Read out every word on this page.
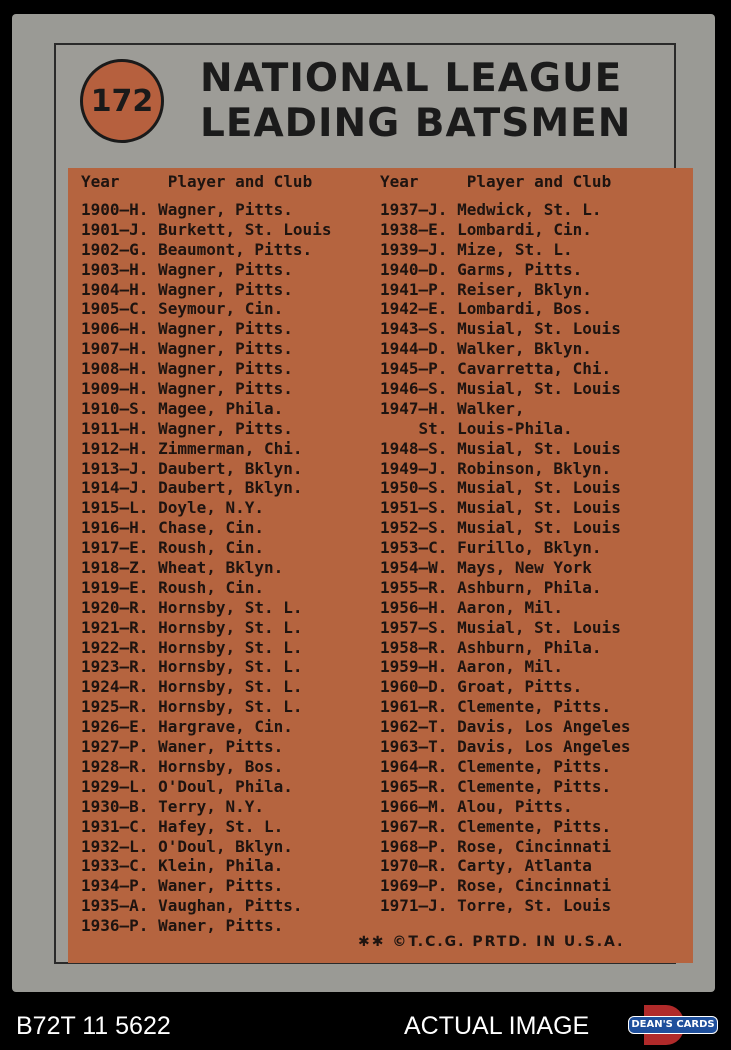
172 NATIONAL LEAGUE
LEADING BATSMEN
Year	Player and Club
1900—H. Wagner, Pitts.
1901—J. Burkett, St. Louis
1902—G. Beaumont, Pitts.
1903—H. Wagner, Pitts.
1904—H. Wagner, Pitts.
1905—C. Seymour, Cin.
1906—H. Wagner, Pitts.
1907—H. Wagner, Pitts.
1908—H. Wagner, Pitts.
1909—H. Wagner, Pitts.
1910—S. Magee, Phila.
1911—H. Wagner, Pitts.
1912—H. Zimmerman, Chi.
1913—J. Daubert, Bklyn.
1914—J. Daubert, Bklyn.
1915—L. Doyle, N.Y.
1916—H. Chase, Cin.
1917—E. Roush, Cin.
1918—Z. Wheat, Bklyn.
1919—E. Roush, Cin.
1920—R. Hornsby, St. L.
1921—R. Hornsby, St. L.
1922—R. Hornsby, St. L.
1923—R. Hornsby, St. L.
1924—R. Hornsby, St. L.
1925—R. Hornsby, St. L.
1926—E. Hargrave, Cin.
1927—P. Waner, Pitts.
1928—R. Hornsby, Bos.
1929—L. O'Doul, Phila.
1930—B. Terry, N.Y.
1931—C. Hafey, St. L.
1932—L. O'Doul, Bklyn.
1933—C. Klein, Phila.
1934—P. Waner, Pitts.
1935—A. Vaughan, Pitts.
1936—P. Waner, Pitts.
Year	Player and Club
1937—J. Medwick, St. L.
1938—E. Lombardi, Cin.
1939—J. Mize, St. L.
1940—D. Garms, Pitts.
1941—P. Reiser, Bklyn.
1942—E. Lombardi, Bos.
1943—S. Musial, St. Louis
1944—D. Walker, Bklyn.
1945—P. Cavarretta, Chi.
1946—S. Musial, St. Louis
1947—H. Walker,
St. Louis-Phila.
1948—S. Musial, St. Louis
1949—J. Robinson, Bklyn.
1950—S. Musial, St. Louis
1951—S. Musial, St. Louis
1952—S. Musial, St. Louis
1953—C. Furillo, Bklyn.
1954—W. Mays, New York
1955—R. Ashburn, Phila.
1956—H. Aaron, Mil.
1957—S. Musial, St. Louis
1958—R. Ashburn, Phila.
1959—H. Aaron, Mil.
1960—D. Groat, Pitts.
1961—R. Clemente, Pitts.
1962—T. Davis, Los Angeles
1963—T. Davis, Los Angeles
1964—R. Clemente, Pitts.
1965—R. Clemente, Pitts.
1966—M. Alou, Pitts.
1967—R. Clemente, Pitts.
1968—P. Rose, Cincinnati
1970—R. Carty, Atlanta
1969—P. Rose, Cincinnati
1971—J. Torre, St. Louis
✱✱ ©T.C.G. PRTD. IN U.S.A.
B72T 11 5622	ACTUAL IMAGE	DEAN'S CARDS
